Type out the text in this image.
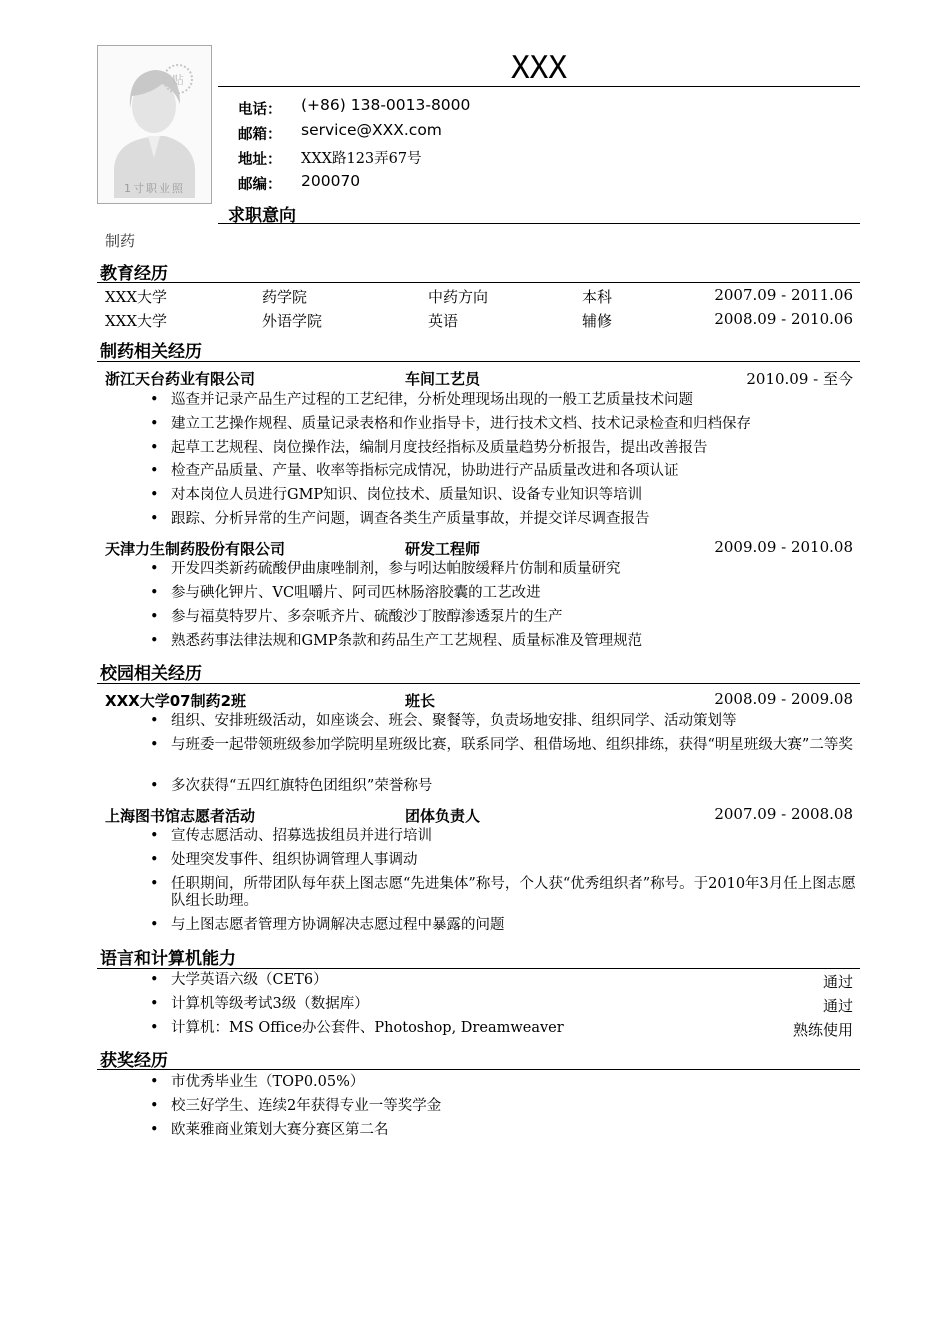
贴
1寸职业照
XXX
电话： (+86) 138-0013-8000
邮箱： service@XXX.com
地址： XXX路123弄67号
邮编： 200070
求职意向
制药
教育经历
XXX大学	药学院	中药方向	本科	2007.09 - 2011.06
XXX大学	外语学院	英语	辅修	2008.09 - 2010.06
制药相关经历
浙江天台药业有限公司	车间工艺员	2010.09 - 至今
• 巡查并记录产品生产过程的工艺纪律，分析处理现场出现的一般工艺质量技术问题
• 建立工艺操作规程、质量记录表格和作业指导卡，进行技术文档、技术记录检查和归档保存
• 起草工艺规程、岗位操作法，编制月度技经指标及质量趋势分析报告，提出改善报告
• 检查产品质量、产量、收率等指标完成情况，协助进行产品质量改进和各项认证
• 对本岗位人员进行GMP知识、岗位技术、质量知识、设备专业知识等培训
• 跟踪、分析异常的生产问题，调查各类生产质量事故，并提交详尽调查报告
天津力生制药股份有限公司	研发工程师	2009.09 - 2010.08
• 开发四类新药硫酸伊曲康唑制剂，参与吲达帕胺缓释片仿制和质量研究
• 参与碘化钾片、VC咀嚼片、阿司匹林肠溶胶囊的工艺改进
• 参与福莫特罗片、多奈哌齐片、硫酸沙丁胺醇渗透泵片的生产
• 熟悉药事法律法规和GMP条款和药品生产工艺规程、质量标准及管理规范
校园相关经历
XXX大学07制药2班	班长	2008.09 - 2009.08
• 组织、安排班级活动，如座谈会、班会、聚餐等，负责场地安排、组织同学、活动策划等
• 与班委一起带领班级参加学院明星班级比赛，联系同学、租借场地、组织排练，获得“明星班级大赛”二等奖
• 多次获得“五四红旗特色团组织”荣誉称号
上海图书馆志愿者活动	团体负责人	2007.09 - 2008.08
• 宣传志愿活动、招募选拔组员并进行培训
• 处理突发事件、组织协调管理人事调动
• 任职期间，所带团队每年获上图志愿“先进集体”称号，个人获“优秀组织者”称号。于2010年3月任上图志愿队组长助理。
• 与上图志愿者管理方协调解决志愿过程中暴露的问题
语言和计算机能力
• 大学英语六级（CET6）	通过
• 计算机等级考试3级（数据库）	通过
• 计算机：MS Office办公套件、Photoshop, Dreamweaver	熟练使用
获奖经历
• 市优秀毕业生（TOP0.05%）
• 校三好学生、连续2年获得专业一等奖学金
• 欧莱雅商业策划大赛分赛区第二名
